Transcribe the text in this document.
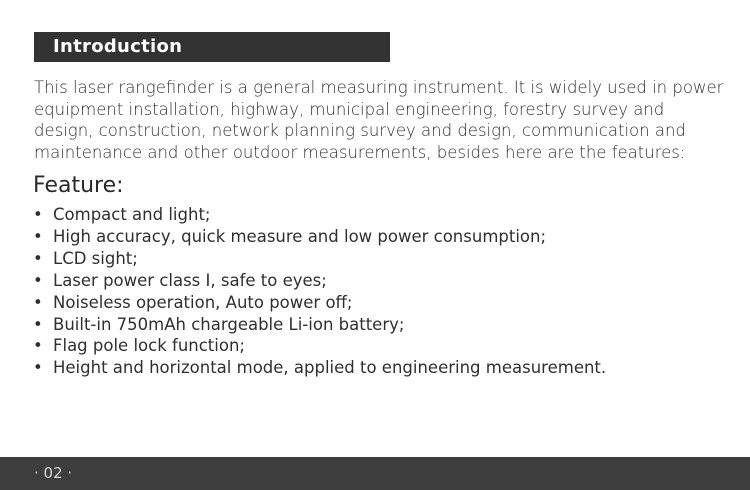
Introduction
This laser rangefinder is a general measuring instrument. It is widely used in power equipment installation, highway, municipal engineering, forestry survey and design, construction, network planning survey and design, communication and maintenance and other outdoor measurements, besides here are the features:
Feature:
• Compact and light;
• High accuracy, quick measure and low power consumption;
• LCD sight;
• Laser power class I, safe to eyes;
• Noiseless operation, Auto power off;
• Built-in 750mAh chargeable Li-ion battery;
• Flag pole lock function;
• Height and horizontal mode, applied to engineering measurement.
· 02 ·
